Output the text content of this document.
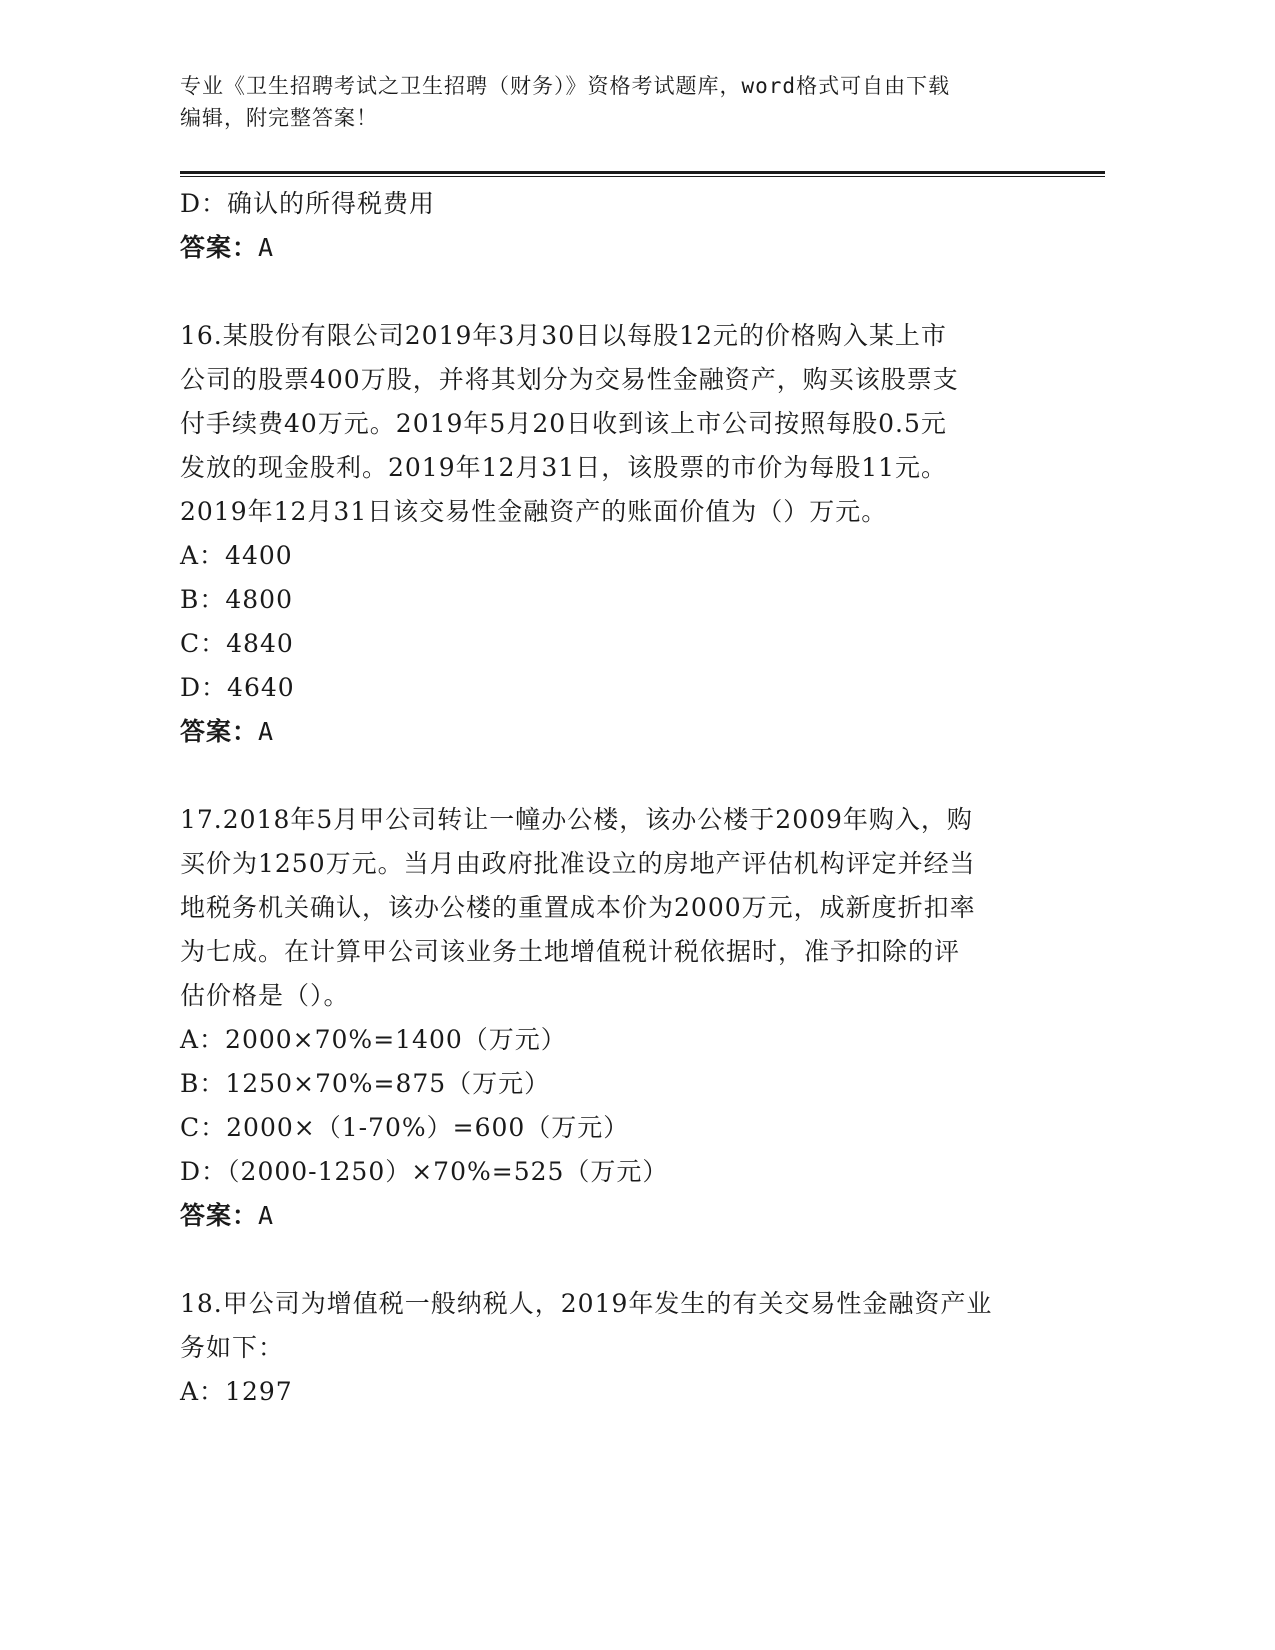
专业《卫生招聘考试之卫生招聘（财务）》资格考试题库，word格式可自由下载
编辑，附完整答案！
D：确认的所得税费用
答案：A
16.某股份有限公司2019年3月30日以每股12元的价格购入某上市
公司的股票400万股，并将其划分为交易性金融资产，购买该股票支
付手续费40万元。2019年5月20日收到该上市公司按照每股0.5元
发放的现金股利。2019年12月31日，该股票的市价为每股11元。
2019年12月31日该交易性金融资产的账面价值为（）万元。
A：4400
B：4800
C：4840
D：4640
答案：A
17.2018年5月甲公司转让一幢办公楼，该办公楼于2009年购入，购
买价为1250万元。当月由政府批准设立的房地产评估机构评定并经当
地税务机关确认，该办公楼的重置成本价为2000万元，成新度折扣率
为七成。在计算甲公司该业务土地增值税计税依据时，准予扣除的评
估价格是（）。
A：2000×70%=1400（万元）
B：1250×70%=875（万元）
C：2000×（1-70%）=600（万元）
D：（2000-1250）×70%=525（万元）
答案：A
18.甲公司为增值税一般纳税人，2019年发生的有关交易性金融资产业
务如下：
A：1297
